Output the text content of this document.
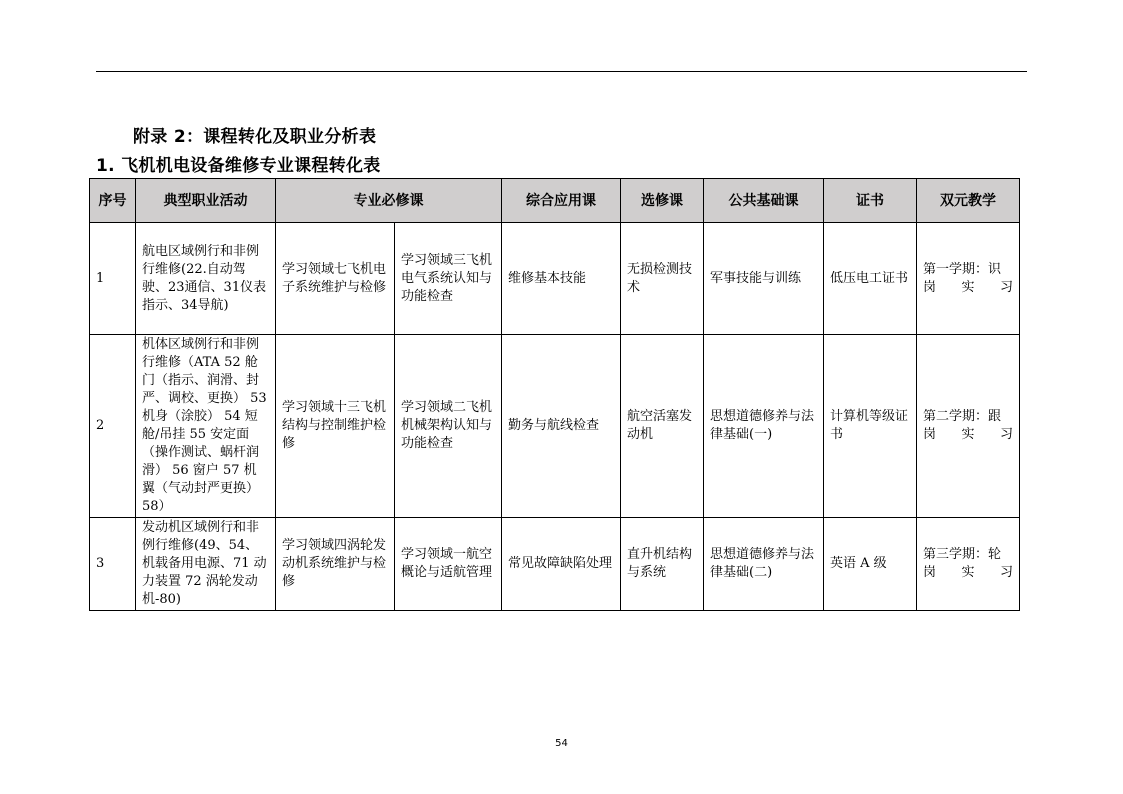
附录 2：课程转化及职业分析表
1. 飞机机电设备维修专业课程转化表
序号	典型职业活动	专业必修课		综合应用课	选修课	公共基础课	证书	双元教学
1	航电区域例行和非例行维修(22.自动驾驶、23通信、31仪表指示、34导航)	学习领域七飞机电子系统维护与检修	学习领域三飞机电气系统认知与功能检查	维修基本技能	无损检测技术	军事技能与训练	低压电工证书	第一学期：识岗实习
2	机体区域例行和非例行维修（ATA 52 舱门（指示、润滑、封严、调校、更换） 53 机身（涂胶） 54 短舱/吊挂 55 安定面（操作测试、蜗杆润滑） 56 窗户 57 机翼（气动封严更换） 58）	学习领域十三飞机结构与控制维护检修	学习领域二飞机机械架构认知与功能检查	勤务与航线检查	航空活塞发动机	思想道德修养与法律基础(一)	计算机等级证书	第二学期：跟岗实习
3	发动机区域例行和非例行维修(49、54、机载备用电源、71 动力装置 72 涡轮发动机-80)	学习领域四涡轮发动机系统维护与检修	学习领域一航空概论与适航管理	常见故障缺陷处理	直升机结构与系统	思想道德修养与法律基础(二)	英语 A 级	第三学期：轮岗实习
54
